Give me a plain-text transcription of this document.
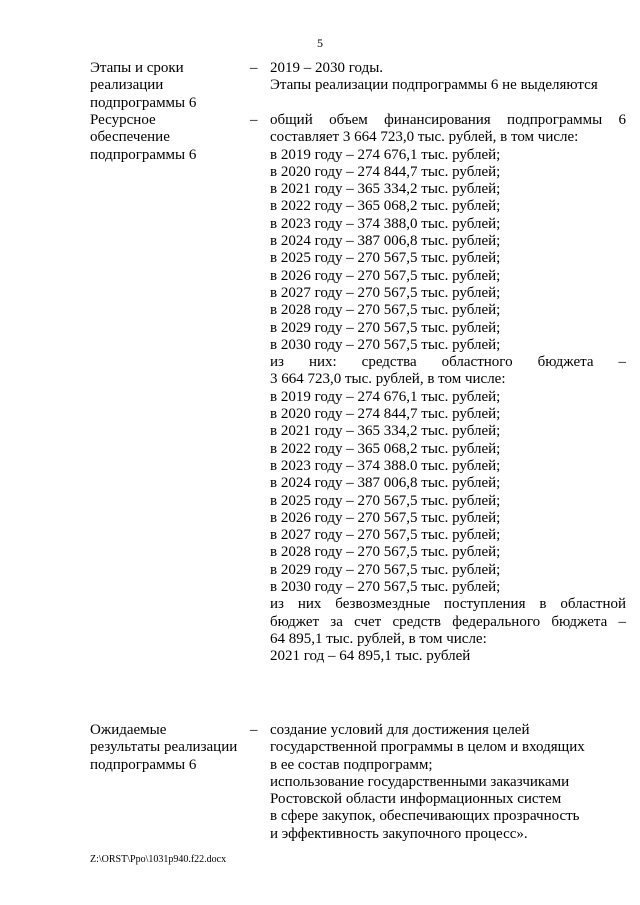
5
Этапы и сроки
реализации
подпрограммы 6
– 2019 – 2030 годы.
Этапы реализации подпрограммы 6 не выделяются
Ресурсное
обеспечение
подпрограммы 6
– общий объем финансирования подпрограммы 6
составляет 3 664 723,0 тыс. рублей, в том числе:
в 2019 году – 274 676,1 тыс. рублей;
в 2020 году – 274 844,7 тыс. рублей;
в 2021 году – 365 334,2 тыс. рублей;
в 2022 году – 365 068,2 тыс. рублей;
в 2023 году – 374 388,0 тыс. рублей;
в 2024 году – 387 006,8 тыс. рублей;
в 2025 году – 270 567,5 тыс. рублей;
в 2026 году – 270 567,5 тыс. рублей;
в 2027 году – 270 567,5 тыс. рублей;
в 2028 году – 270 567,5 тыс. рублей;
в 2029 году – 270 567,5 тыс. рублей;
в 2030 году – 270 567,5 тыс. рублей;
из них: средства областного бюджета –
3 664 723,0 тыс. рублей, в том числе:
в 2019 году – 274 676,1 тыс. рублей;
в 2020 году – 274 844,7 тыс. рублей;
в 2021 году – 365 334,2 тыс. рублей;
в 2022 году – 365 068,2 тыс. рублей;
в 2023 году – 374 388.0 тыс. рублей;
в 2024 году – 387 006,8 тыс. рублей;
в 2025 году – 270 567,5 тыс. рублей;
в 2026 году – 270 567,5 тыс. рублей;
в 2027 году – 270 567,5 тыс. рублей;
в 2028 году – 270 567,5 тыс. рублей;
в 2029 году – 270 567,5 тыс. рублей;
в 2030 году – 270 567,5 тыс. рублей;
из них безвозмездные поступления в областной
бюджет за счет средств федерального бюджета –
64 895,1 тыс. рублей, в том числе:
2021 год – 64 895,1 тыс. рублей
Ожидаемые
результаты реализации
подпрограммы 6
– создание условий для достижения целей
государственной программы в целом и входящих
в ее состав подпрограмм;
использование государственными заказчиками
Ростовской области информационных систем
в сфере закупок, обеспечивающих прозрачность
и эффективность закупочного процесс».
Z:\ORST\Ppo\1031p940.f22.docx
